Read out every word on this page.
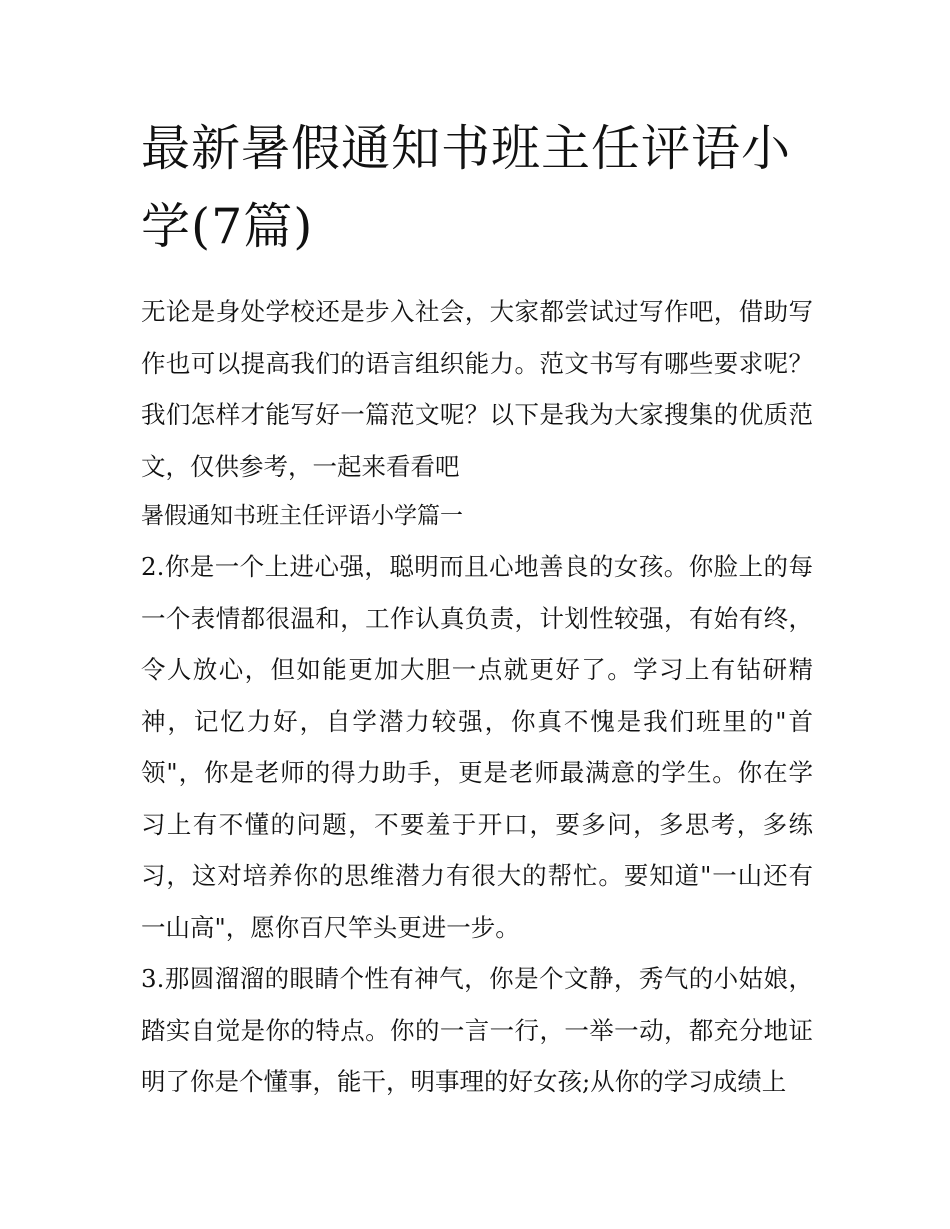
最新暑假通知书班主任评语小学(7篇)

无论是身处学校还是步入社会，大家都尝试过写作吧，借助写作也可以提高我们的语言组织能力。范文书写有哪些要求呢？我们怎样才能写好一篇范文呢？以下是我为大家搜集的优质范文，仅供参考，一起来看看吧

暑假通知书班主任评语小学篇一

2.你是一个上进心强，聪明而且心地善良的女孩。你脸上的每一个表情都很温和，工作认真负责，计划性较强，有始有终，令人放心，但如能更加大胆一点就更好了。学习上有钻研精神，记忆力好，自学潜力较强，你真不愧是我们班里的"首领"，你是老师的得力助手，更是老师最满意的学生。你在学习上有不懂的问题，不要羞于开口，要多问，多思考，多练习，这对培养你的思维潜力有很大的帮忙。要知道"一山还有一山高"，愿你百尺竿头更进一步。

3.那圆溜溜的眼睛个性有神气，你是个文静，秀气的小姑娘，踏实自觉是你的特点。你的一言一行，一举一动，都充分地证明了你是个懂事，能干，明事理的好女孩;从你的学习成绩上
